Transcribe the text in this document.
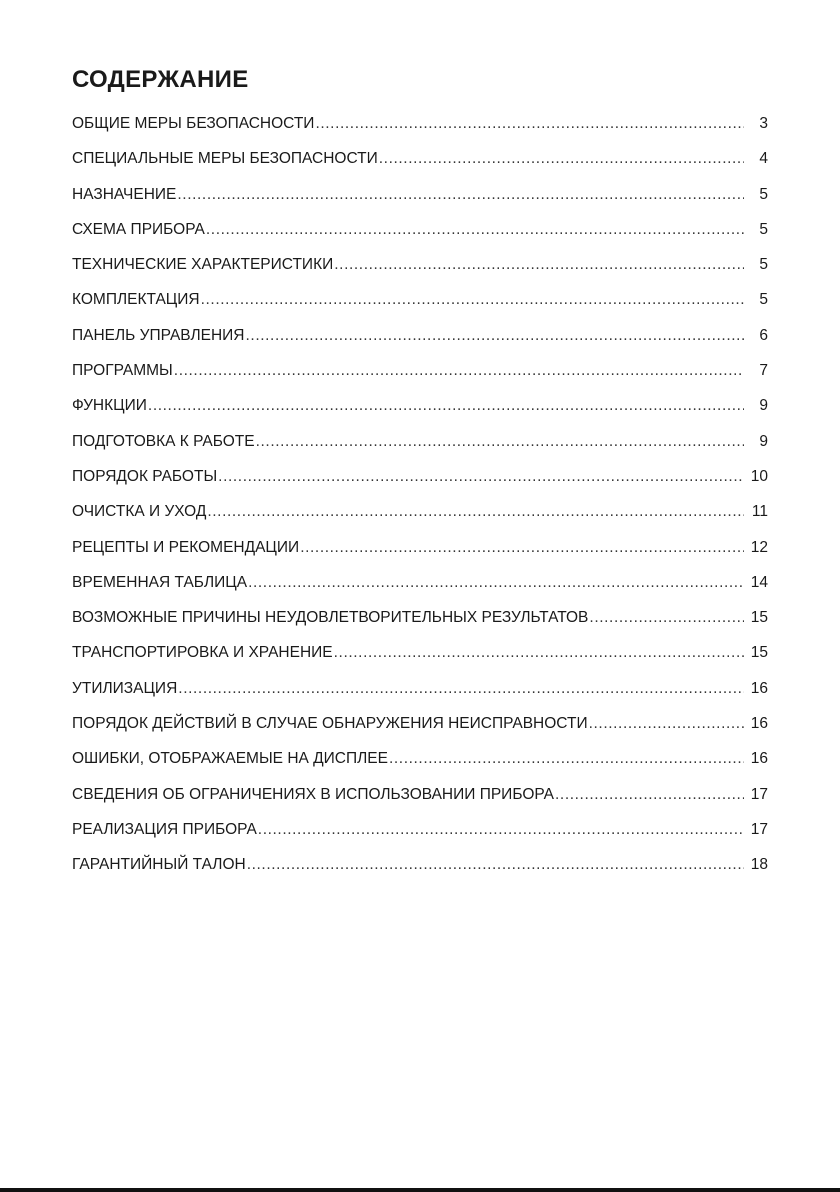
СОДЕРЖАНИЕ
ОБЩИЕ МЕРЫ БЕЗОПАСНОСТИ .....	3
СПЕЦИАЛЬНЫЕ МЕРЫ БЕЗОПАСНОСТИ .....	4
НАЗНАЧЕНИЕ .....	5
СХЕМА ПРИБОРА .....	5
ТЕХНИЧЕСКИЕ ХАРАКТЕРИСТИКИ .....	5
КОМПЛЕКТАЦИЯ .....	5
ПАНЕЛЬ УПРАВЛЕНИЯ .....	6
ПРОГРАММЫ .....	7
ФУНКЦИИ .....	9
ПОДГОТОВКА К РАБОТЕ .....	9
ПОРЯДОК РАБОТЫ .....	10
ОЧИСТКА И УХОД .....	11
РЕЦЕПТЫ И РЕКОМЕНДАЦИИ .....	12
ВРЕМЕННАЯ ТАБЛИЦА .....	14
ВОЗМОЖНЫЕ ПРИЧИНЫ НЕУДОВЛЕТВОРИТЕЛЬНЫХ РЕЗУЛЬТАТОВ .....	15
ТРАНСПОРТИРОВКА И ХРАНЕНИЕ .....	15
УТИЛИЗАЦИЯ .....	16
ПОРЯДОК ДЕЙСТВИЙ В СЛУЧАЕ ОБНАРУЖЕНИЯ НЕИСПРАВНОСТИ .....	16
ОШИБКИ, ОТОБРАЖАЕМЫЕ НА ДИСПЛЕЕ .....	16
СВЕДЕНИЯ ОБ ОГРАНИЧЕНИЯХ В ИСПОЛЬЗОВАНИИ ПРИБОРА .....	17
РЕАЛИЗАЦИЯ ПРИБОРА .....	17
ГАРАНТИЙНЫЙ ТАЛОН .....	18
